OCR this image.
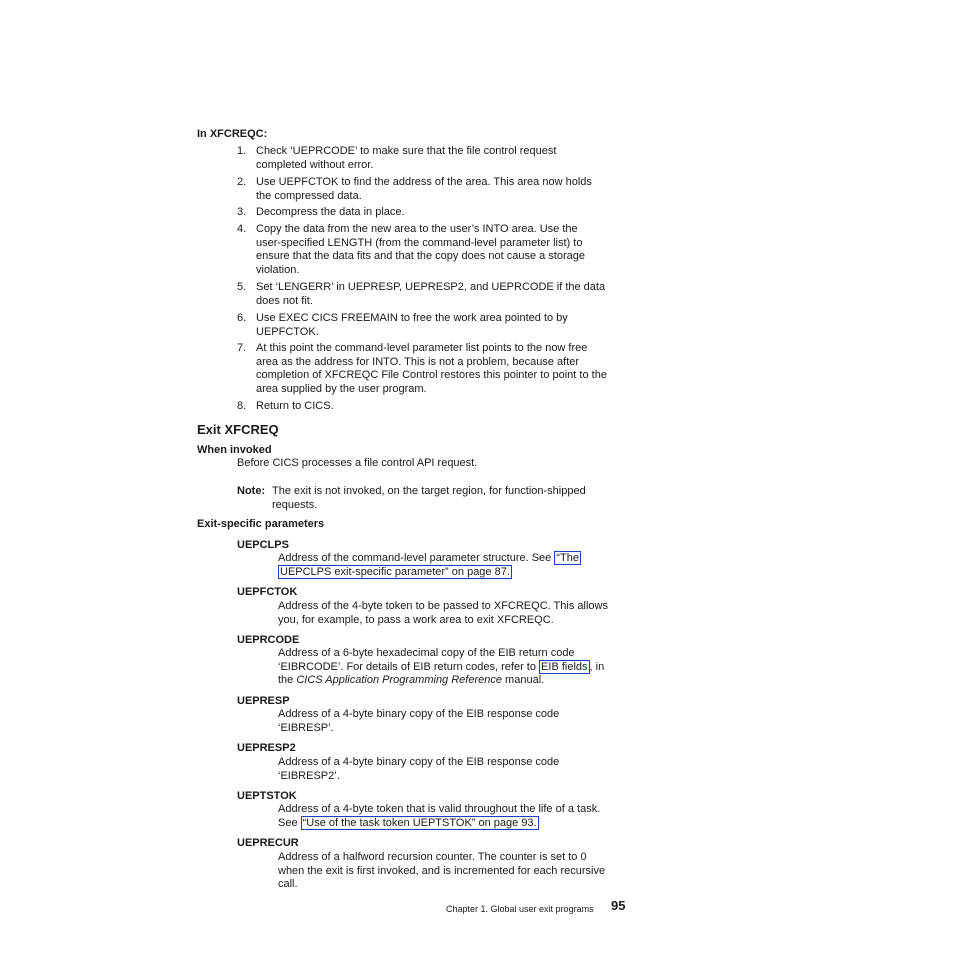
In XFCREQC:
1. Check ‘UEPRCODE’ to make sure that the file control request
completed without error.
2. Use UEPFCTOK to find the address of the area. This area now holds
the compressed data.
3. Decompress the data in place.
4. Copy the data from the new area to the user’s INTO area. Use the
user-specified LENGTH (from the command-level parameter list) to
ensure that the data fits and that the copy does not cause a storage
violation.
5. Set ‘LENGERR’ in UEPRESP, UEPRESP2, and UEPRCODE if the data
does not fit.
6. Use EXEC CICS FREEMAIN to free the work area pointed to by
UEPFCTOK.
7. At this point the command-level parameter list points to the now free
area as the address for INTO. This is not a problem, because after
completion of XFCREQC File Control restores this pointer to point to the
area supplied by the user program.
8. Return to CICS.
Exit XFCREQ
When invoked
Before CICS processes a file control API request.
Note: The exit is not invoked, on the target region, for function-shipped
requests.
Exit-specific parameters
UEPCLPS
Address of the command-level parameter structure. See “The
UEPCLPS exit-specific parameter” on page 87.
UEPFCTOK
Address of the 4-byte token to be passed to XFCREQC. This allows
you, for example, to pass a work area to exit XFCREQC.
UEPRCODE
Address of a 6-byte hexadecimal copy of the EIB return code
‘EIBRCODE’. For details of EIB return codes, refer to EIB fields , in
the CICS Application Programming Reference manual.
UEPRESP
Address of a 4-byte binary copy of the EIB response code
‘EIBRESP’.
UEPRESP2
Address of a 4-byte binary copy of the EIB response code
‘EIBRESP2’.
UEPTSTOK
Address of a 4-byte token that is valid throughout the life of a task.
See “Use of the task token UEPTSTOK” on page 93.
UEPRECUR
Address of a halfword recursion counter. The counter is set to 0
when the exit is first invoked, and is incremented for each recursive
call.
Chapter 1. Global user exit programs 95
